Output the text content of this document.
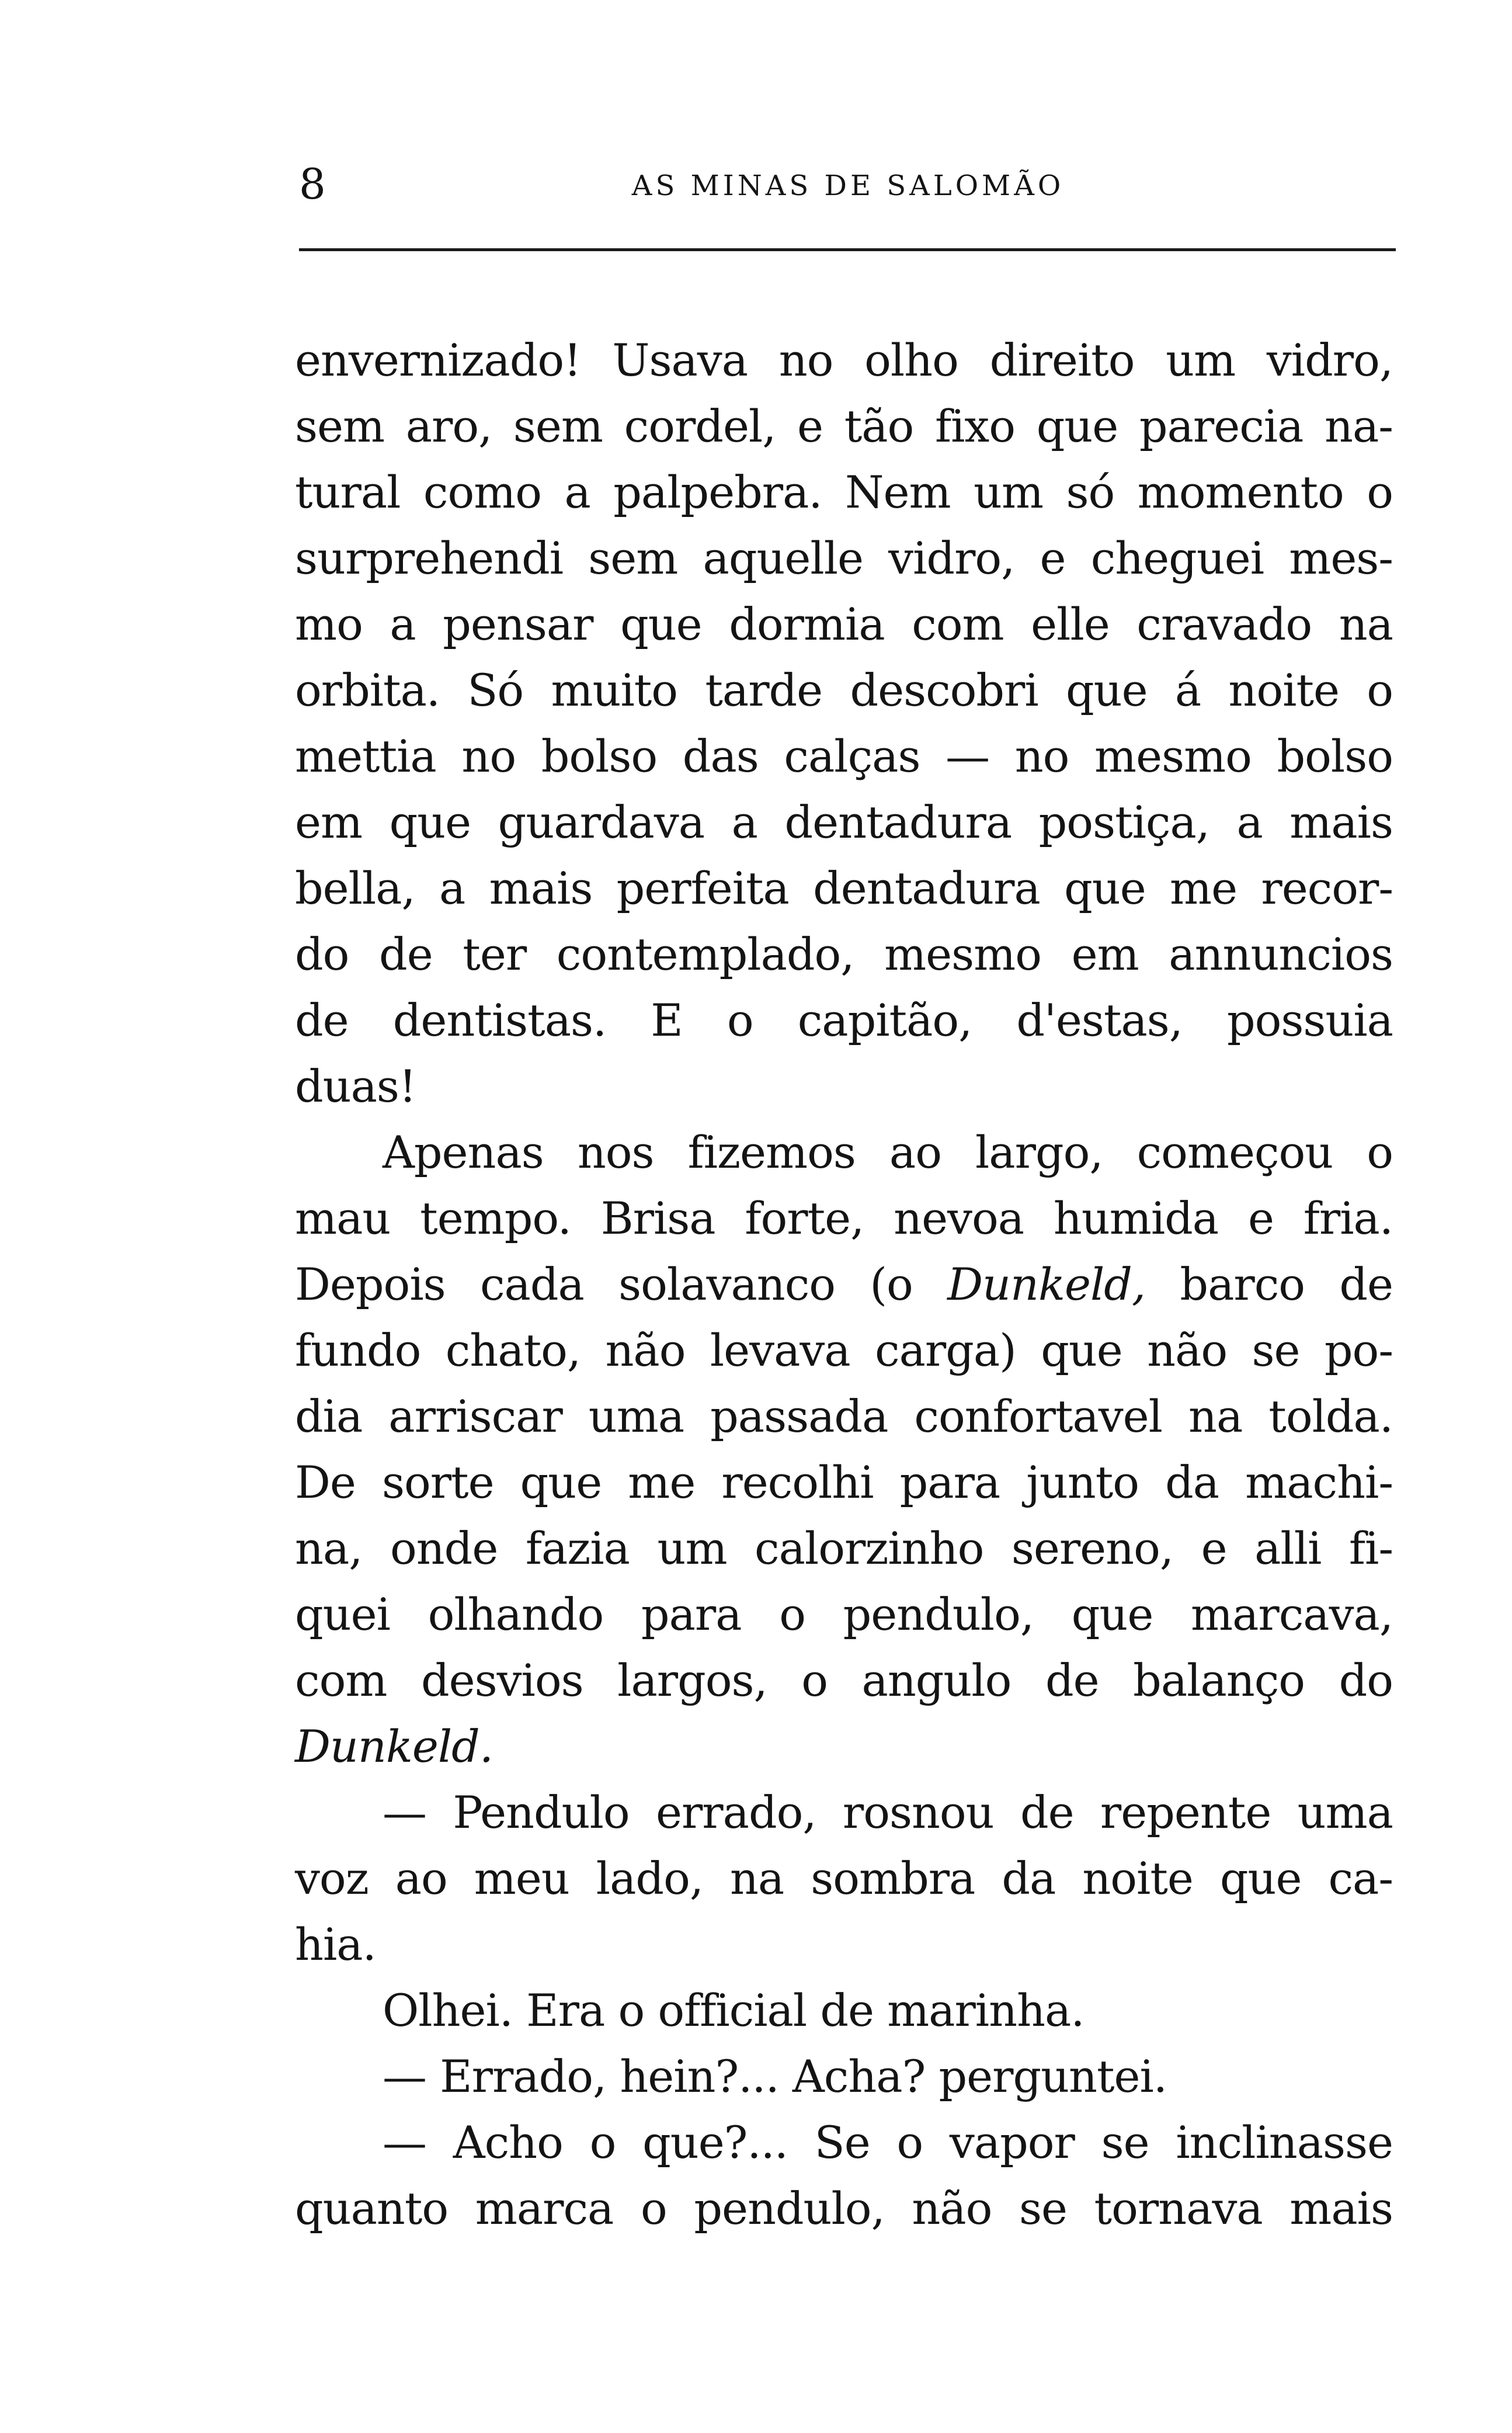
8	AS MINAS DE SALOMÃO
envernizado! Usava no olho direito um vidro,
sem aro, sem cordel, e tão fixo que parecia na-
tural como a palpebra. Nem um só momento o
surprehendi sem aquelle vidro, e cheguei mes-
mo a pensar que dormia com elle cravado na
orbita. Só muito tarde descobri que á noite o
mettia no bolso das calças — no mesmo bolso
em que guardava a dentadura postiça, a mais
bella, a mais perfeita dentadura que me recor-
do de ter contemplado, mesmo em annuncios
de dentistas. E o capitão, d'estas, possuia
duas!
Apenas nos fizemos ao largo, começou o
mau tempo. Brisa forte, nevoa humida e fria.
Depois cada solavanco (o Dunkeld, barco de
fundo chato, não levava carga) que não se po-
dia arriscar uma passada confortavel na tolda.
De sorte que me recolhi para junto da machi-
na, onde fazia um calorzinho sereno, e alli fi-
quei olhando para o pendulo, que marcava,
com desvios largos, o angulo de balanço do
Dunkeld.
— Pendulo errado, rosnou de repente uma
voz ao meu lado, na sombra da noite que ca-
hia.
Olhei. Era o official de marinha.
— Errado, hein?... Acha? perguntei.
— Acho o que?... Se o vapor se inclinasse
quanto marca o pendulo, não se tornava mais
